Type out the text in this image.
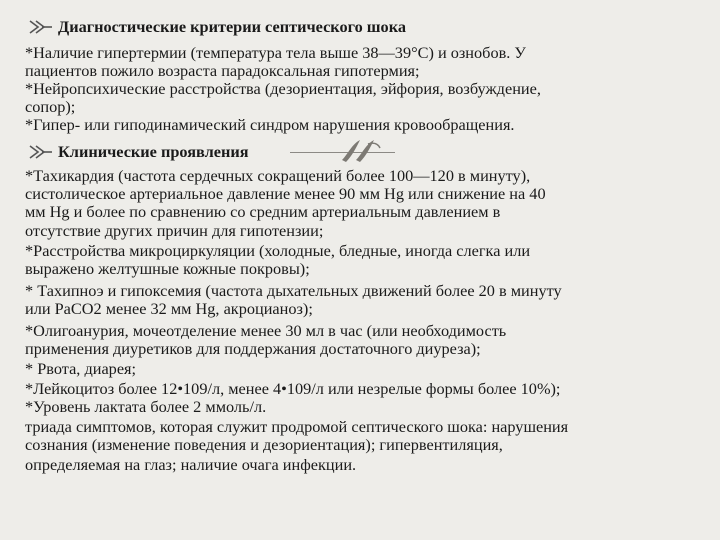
Диагностические критерии септического шока
*Наличие гипертермии (температура тела выше 38—39°С) и ознобов. У
пациентов пожило возраста парадоксальная гипотермия;
*Нейропсихические расстройства (дезориентация, эйфория, возбуждение,
сопор);
*Гипер- или гиподинамический синдром нарушения кровообращения.
Клинические проявления
*Тахикардия (частота сердечных сокращений более 100—120 в минуту),
систолическое артериальное давление менее 90 мм Hg или снижение на 40
мм Hg и более по сравнению со средним артериальным давлением в
отсутствие других причин для гипотензии;
*Расстройства микроциркуляции (холодные, бледные, иногда слегка или
выражено желтушные кожные покровы);
* Тахипноэ и гипоксемия (частота дыхательных движений более 20 в минуту
или PaCO2 менее 32 мм Hg, акроцианоз);
*Олигоанурия, мочеотделение менее 30 мл в час (или необходимость
применения диуретиков для поддержания достаточного диуреза);
* Рвота, диарея;
*Лейкоцитоз более 12•109/л, менее 4•109/л или незрелые формы более 10%);
*Уровень лактата более 2 ммоль/л.
триада симптомов, которая служит продромой септического шока: нарушения
сознания (изменение поведения и дезориентация); гипервентиляция,
определяемая на глаз; наличие очага инфекции.
